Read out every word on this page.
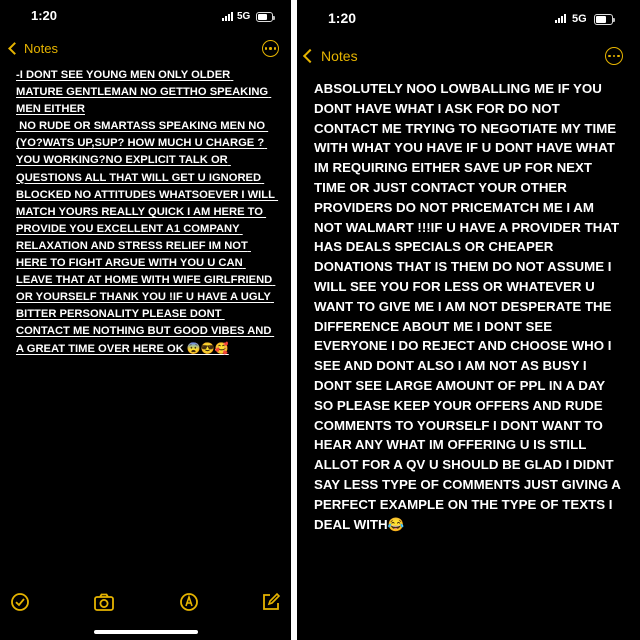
1:20	5G
Notes
-I DONT SEE YOUNG MEN ONLY OLDER MATURE GENTLEMAN NO GETTHO SPEAKING MEN EITHER
NO RUDE OR SMARTASS SPEAKING MEN NO (YO?WATS UP,SUP? HOW MUCH U CHARGE ? YOU WORKING?NO EXPLICIT TALK OR QUESTIONS ALL THAT WILL GET U IGNORED BLOCKED NO ATTITUDES WHATSOEVER I WILL MATCH YOURS REALLY QUICK I AM HERE TO PROVIDE YOU EXCELLENT A1 COMPANY RELAXATION AND STRESS RELIEF IM NOT HERE TO FIGHT ARGUE WITH YOU U CAN LEAVE THAT AT HOME WITH WIFE GIRLFRIEND OR YOURSELF THANK YOU !IF U HAVE A UGLY BITTER PERSONALITY PLEASE DONT CONTACT ME NOTHING BUT GOOD VIBES AND A GREAT TIME OVER HERE OK 😨😎🥰
1:20	5G
Notes
ABSOLUTELY NOO LOWBALLING ME IF YOU DONT HAVE WHAT I ASK FOR DO NOT CONTACT ME TRYING TO NEGOTIATE MY TIME WITH WHAT YOU HAVE IF U DONT HAVE WHAT IM REQUIRING EITHER SAVE UP FOR NEXT TIME OR JUST CONTACT YOUR OTHER PROVIDERS DO NOT PRICEMATCH ME I AM NOT WALMART !!!IF U HAVE A PROVIDER THAT HAS DEALS SPECIALS OR CHEAPER DONATIONS THAT IS THEM DO NOT ASSUME I WILL SEE YOU FOR LESS OR WHATEVER U WANT TO GIVE ME I AM NOT DESPERATE THE DIFFERENCE ABOUT ME I DONT SEE EVERYONE I DO REJECT AND CHOOSE WHO I SEE AND DONT ALSO I AM NOT AS BUSY I DONT SEE LARGE AMOUNT OF PPL IN A DAY SO PLEASE KEEP YOUR OFFERS AND RUDE COMMENTS TO YOURSELF I DONT WANT TO HEAR ANY WHAT IM OFFERING U IS STILL ALLOT FOR A QV U SHOULD BE GLAD I DIDNT SAY LESS TYPE OF COMMENTS JUST GIVING A PERFECT EXAMPLE ON THE TYPE OF TEXTS I DEAL WITH😂
